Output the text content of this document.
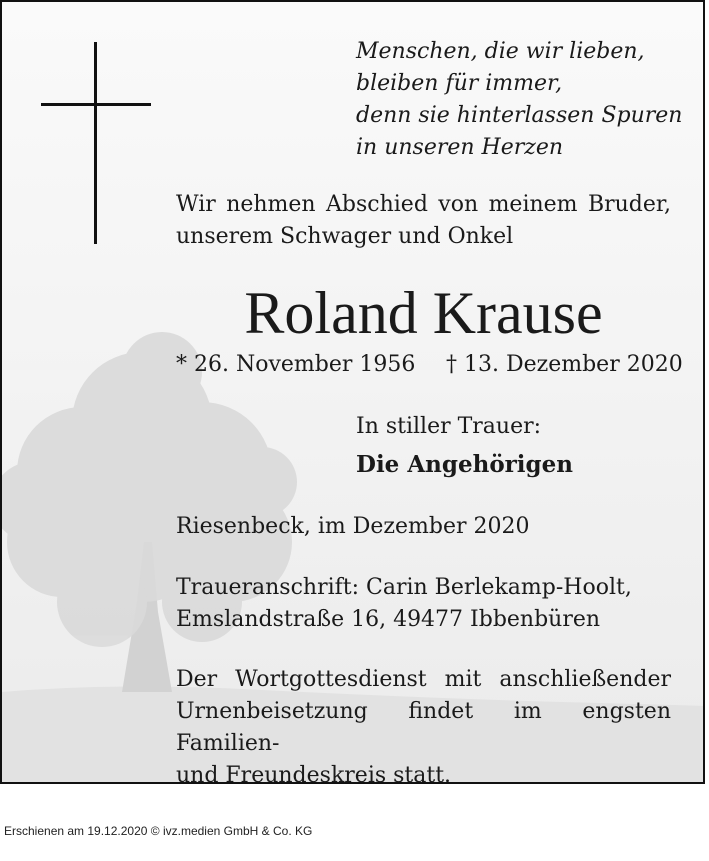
Menschen, die wir lieben,
bleiben für immer,
denn sie hinterlassen Spuren
in unseren Herzen
Wir nehmen Abschied von meinem Bruder,
unserem Schwager und Onkel
Roland Krause
* 26. November 1956 † 13. Dezember 2020
In stiller Trauer:
Die Angehörigen
Riesenbeck, im Dezember 2020
Traueranschrift: Carin Berlekamp-Hoolt,
Emslandstraße 16, 49477 Ibbenbüren
Der Wortgottesdienst mit anschließender
Urnenbeisetzung findet im engsten Familien-
und Freundeskreis statt.
Erschienen am 19.12.2020 © ivz.medien GmbH & Co. KG
